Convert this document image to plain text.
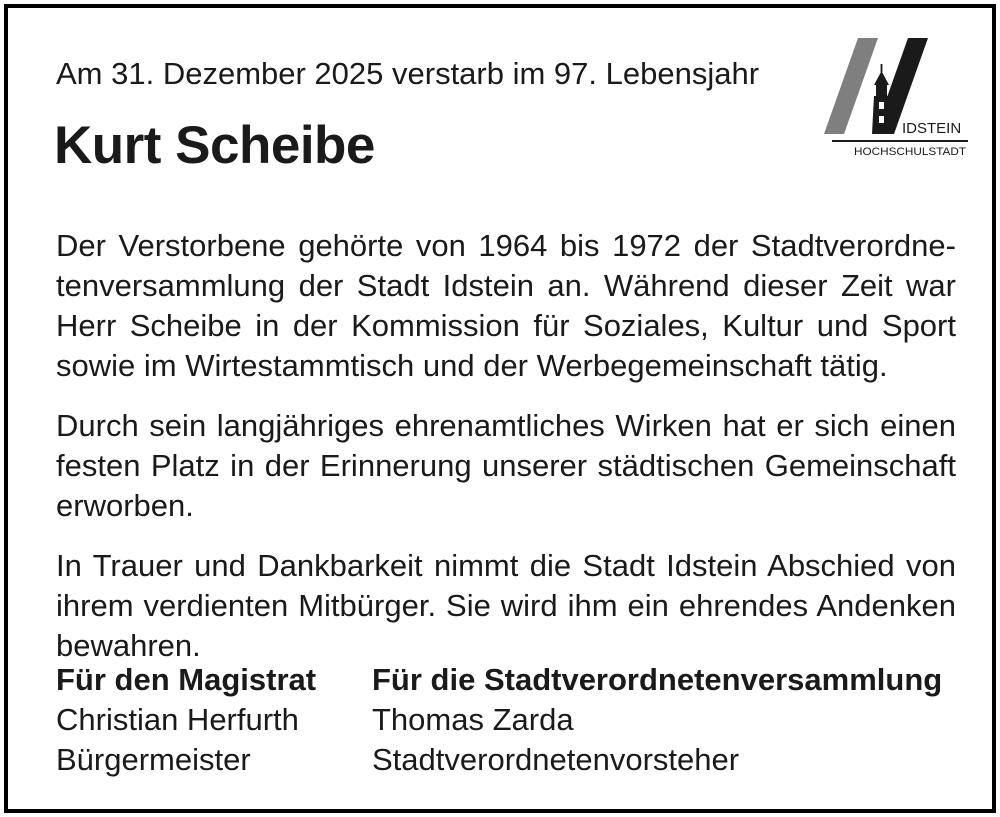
Am 31. Dezember 2025 verstarb im 97. Lebensjahr
Kurt Scheibe	IDSTEIN
HOCHSCHULSTADT

Der Verstorbene gehörte von 1964 bis 1972 der Stadtverordnetenversammlung der Stadt Idstein an. Während dieser Zeit war Herr Scheibe in der Kommission für Soziales, Kultur und Sport sowie im Wirtestammtisch und der Werbegemeinschaft tätig.

Durch sein langjähriges ehrenamtliches Wirken hat er sich einen festen Platz in der Erinnerung unserer städtischen Gemeinschaft erworben.

In Trauer und Dankbarkeit nimmt die Stadt Idstein Abschied von ihrem verdienten Mitbürger. Sie wird ihm ein ehrendes Andenken bewahren.

Für den Magistrat
Christian Herfurth
Bürgermeister
Für die Stadtverordnetenversammlung
Thomas Zarda
Stadtverordnetenvorsteher
